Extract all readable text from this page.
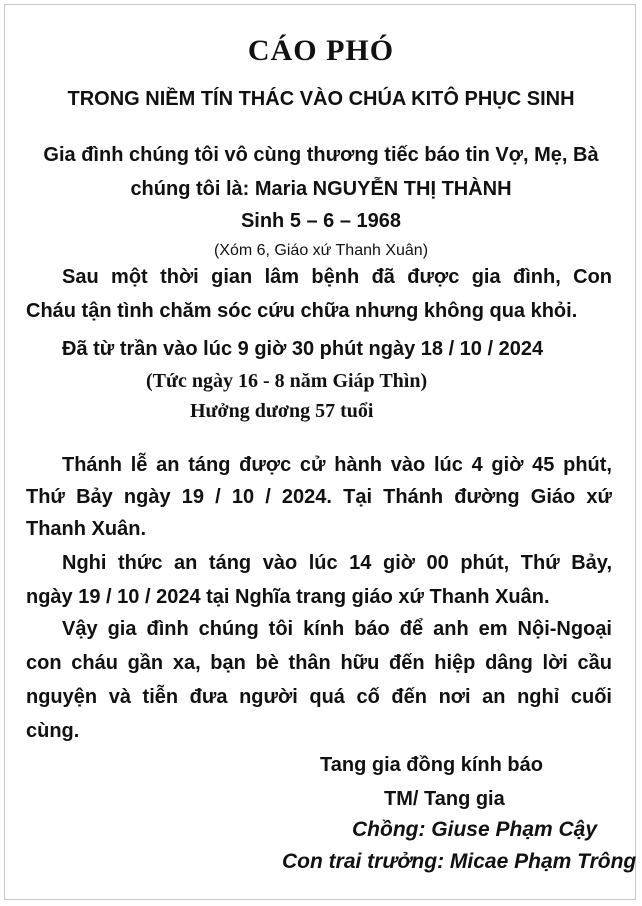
CÁO PHÓ
TRONG NIỀM TÍN THÁC VÀO CHÚA KITÔ PHỤC SINH
Gia đình chúng tôi vô cùng thương tiếc báo tin Vợ, Mẹ, Bà
chúng tôi là: Maria NGUYỄN THỊ THÀNH
Sinh 5 – 6 – 1968
(Xóm 6, Giáo xứ Thanh Xuân)
Sau một thời gian lâm bệnh đã được gia đình, Con
Cháu tận tình chăm sóc cứu chữa nhưng không qua khỏi.
Đã từ trần vào lúc 9 giờ 30 phút ngày 18 / 10 / 2024
(Tức ngày 16 - 8 năm Giáp Thìn)
Hưởng dương 57 tuổi
Thánh lễ an táng được cử hành vào lúc 4 giờ 45 phút,
Thứ Bảy ngày 19 / 10 / 2024. Tại Thánh đường Giáo xứ
Thanh Xuân.
Nghi thức an táng vào lúc 14 giờ 00 phút, Thứ Bảy,
ngày 19 / 10 / 2024 tại Nghĩa trang giáo xứ Thanh Xuân.
Vậy gia đình chúng tôi kính báo để anh em Nội-Ngoại
con cháu gần xa, bạn bè thân hữu đến hiệp dâng lời cầu
nguyện và tiễn đưa người quá cố đến nơi an nghỉ cuối
cùng.
Tang gia đồng kính báo
TM/ Tang gia
Chồng: Giuse Phạm Cậy
Con trai trưởng: Micae Phạm Trông
